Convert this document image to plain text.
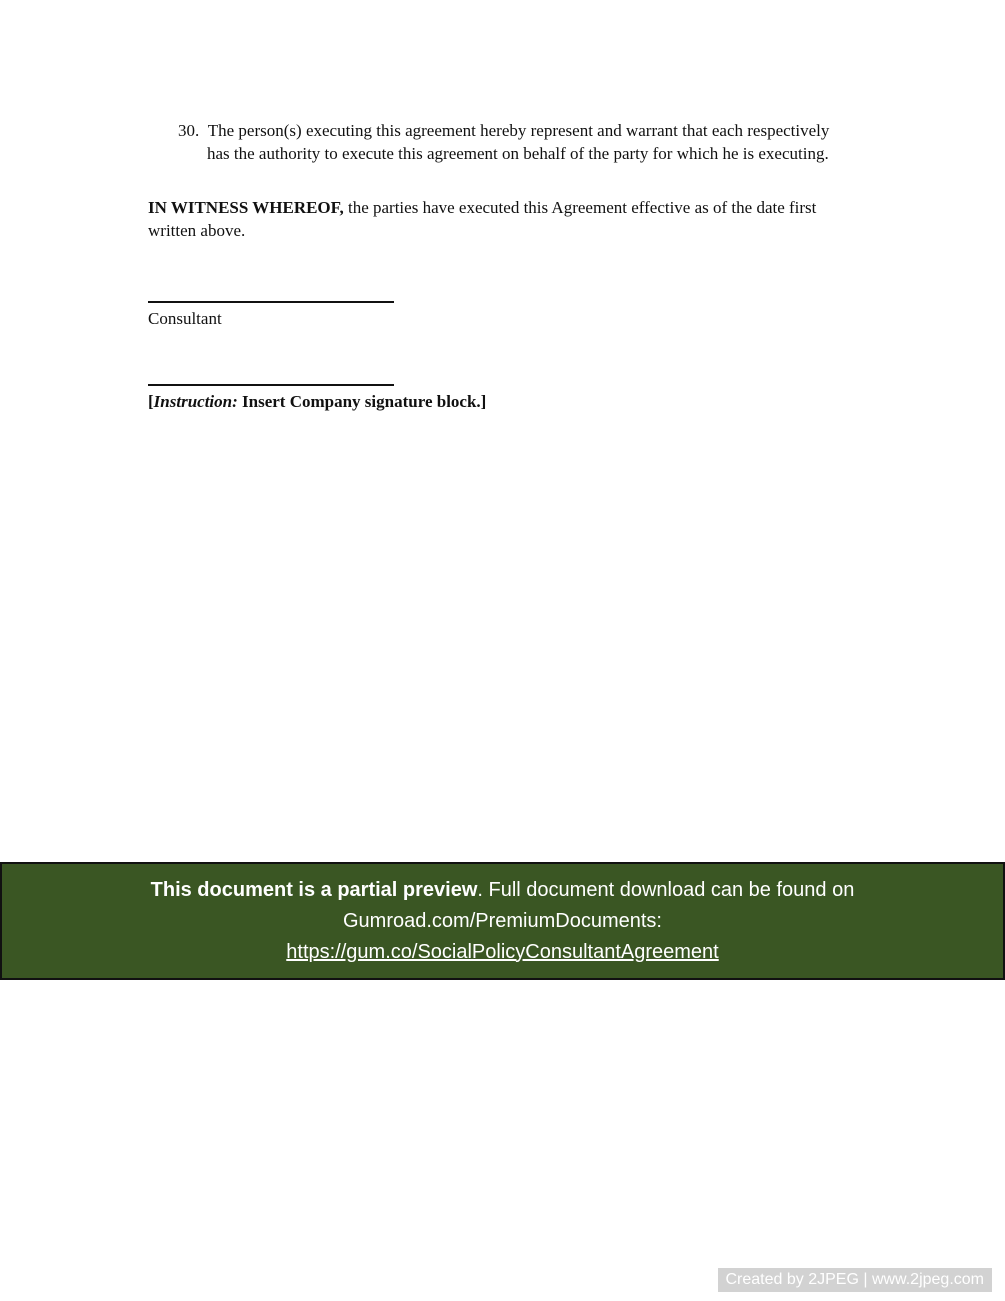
30. The person(s) executing this agreement hereby represent and warrant that each respectively has the authority to execute this agreement on behalf of the party for which he is executing.

IN WITNESS WHEREOF, the parties have executed this Agreement effective as of the date first written above.

Consultant
[Instruction: Insert Company signature block.]
This document is a partial preview. Full document download can be found on
Gumroad.com/PremiumDocuments:
https://gum.co/SocialPolicyConsultantAgreement
Created by 2JPEG | www.2jpeg.com
